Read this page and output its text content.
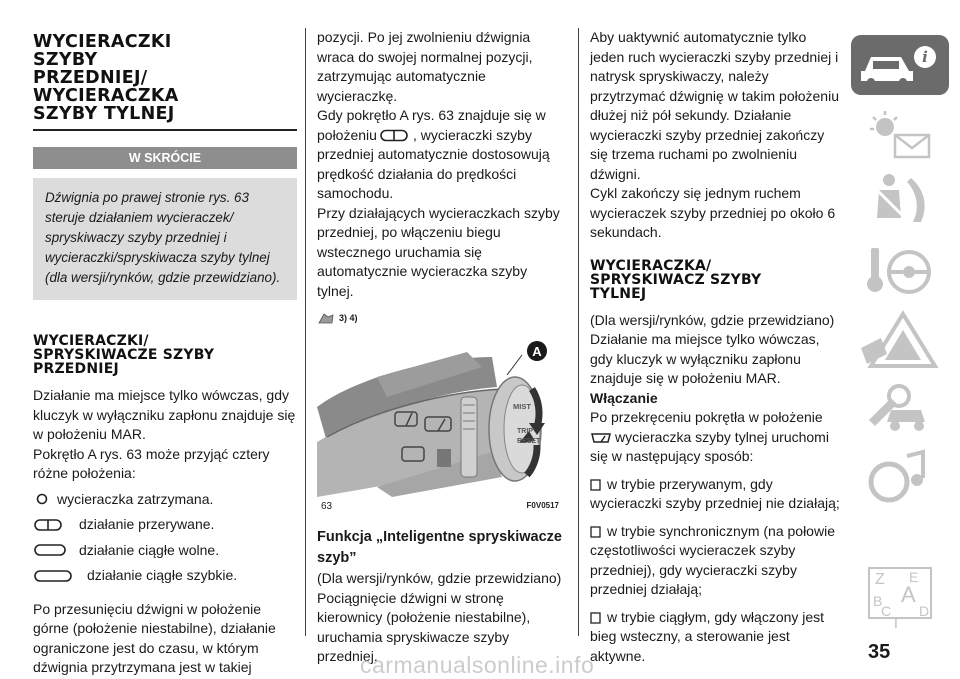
WYCIERACZKI
SZYBY
PRZEDNIEJ/
WYCIERACZKA
SZYBY TYLNEJ
W SKRÓCIE
Dźwignia po prawej stronie rys. 63 steruje działaniem wycieraczek/ spryskiwaczy szyby przedniej i wycieraczki/spryskiwacza szyby tylnej (dla wersji/rynków, gdzie przewidziano).
WYCIERACZKI/
SPRYSKIWACZE SZYBY
PRZEDNIEJ

Działanie ma miejsce tylko wówczas, gdy kluczyk w wyłączniku zapłonu znajduje się w położeniu MAR.

Pokrętło A rys. 63 może przyjąć cztery różne położenia:

wycieraczka zatrzymana.
działanie przerywane.
działanie ciągłe wolne.
działanie ciągłe szybkie.

Po przesunięciu dźwigni w położenie górne (położenie niestabilne), działanie ograniczone jest do czasu, w którym dźwignia przytrzymana jest w takiej

pozycji. Po jej zwolnieniu dźwignia wraca do swojej normalnej pozycji, zatrzymując automatycznie wycieraczkę.

Gdy pokrętło A rys. 63 znajduje się w położeniu	, wycieraczki szyby przedniej automatycznie dostosowują prędkość działania do prędkości samochodu.

Przy działających wycieraczkach szyby przedniej, po włączeniu biegu wstecznego uruchamia się automatycznie wycieraczka szyby tylnej.

3) 4)
MIST
TRIP
RESET
A
63	F0V0517
Funkcja „Inteligentne spryskiwacze szyb”

(Dla wersji/rynków, gdzie przewidziano) Pociągnięcie dźwigni w stronę kierownicy (położenie niestabilne), uruchamia spryskiwacze szyby przedniej.

Aby uaktywnić automatycznie tylko jeden ruch wycieraczki szyby przedniej i natrysk spryskiwaczy, należy przytrzymać dźwignię w takim położeniu dłużej niż pół sekundy. Działanie wycieraczki szyby przedniej zakończy się trzema ruchami po zwolnieniu dźwigni.

Cykl zakończy się jednym ruchem wycieraczek szyby przedniej po około 6 sekundach.

WYCIERACZKA/
SPRYSKIWACZ SZYBY
TYLNEJ

(Dla wersji/rynków, gdzie przewidziano) Działanie ma miejsce tylko wówczas, gdy kluczyk w wyłączniku zapłonu znajduje się w położeniu MAR.

Włączanie

Po przekręceniu pokrętła w położenie
wycieraczka szyby tylnej uruchomi się w następujący sposób:

w trybie przerywanym, gdy wycieraczki szyby przedniej nie działają;

w trybie synchronicznym (na połowie częstotliwości wycieraczek szyby przedniej), gdy wycieraczki szyby przedniej działają;

w trybie ciągłym, gdy włączony jest bieg wsteczny, a sterowanie jest aktywne.

i
Z E
B A
C
T
D
35
carmanualsonline.info
